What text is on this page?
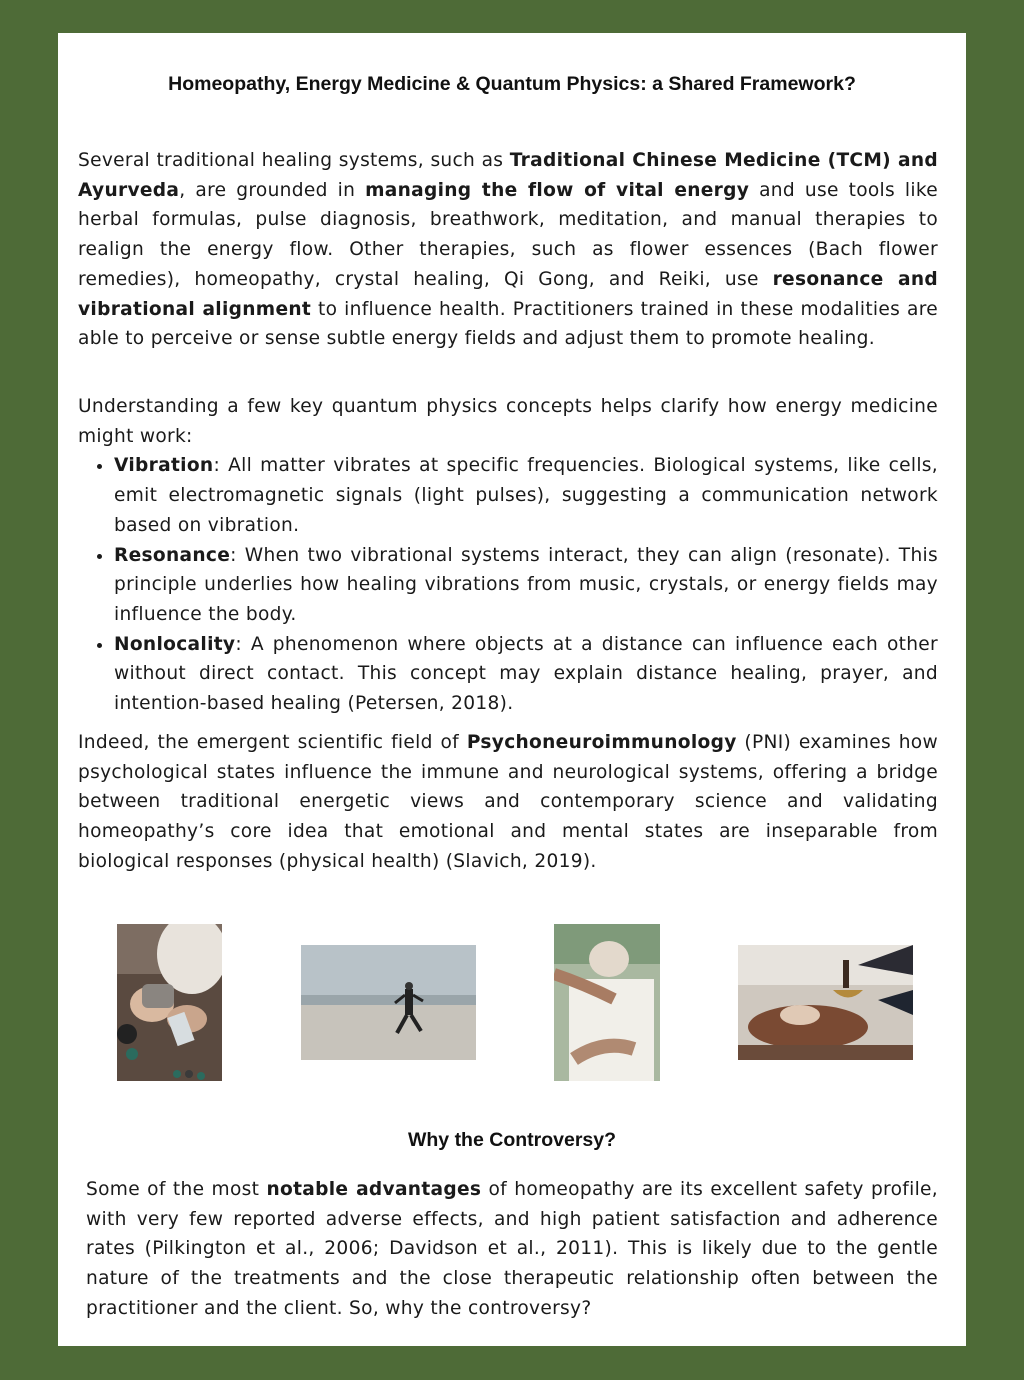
Homeopathy, Energy Medicine & Quantum Physics: a Shared Framework?

Several traditional healing systems, such as Traditional Chinese Medicine (TCM) and Ayurveda, are grounded in managing the flow of vital energy and use tools like herbal formulas, pulse diagnosis, breathwork, meditation, and manual therapies to realign the energy flow. Other therapies, such as flower essences (Bach flower remedies), homeopathy, crystal healing, Qi Gong, and Reiki, use resonance and vibrational alignment to influence health. Practitioners trained in these modalities are able to perceive or sense subtle energy fields and adjust them to promote healing.

Understanding a few key quantum physics concepts helps clarify how energy medicine might work:

• Vibration: All matter vibrates at specific frequencies. Biological systems, like cells, emit electromagnetic signals (light pulses), suggesting a communication network based on vibration.
• Resonance: When two vibrational systems interact, they can align (resonate). This principle underlies how healing vibrations from music, crystals, or energy fields may influence the body.
• Nonlocality: A phenomenon where objects at a distance can influence each other without direct contact. This concept may explain distance healing, prayer, and intention-based healing (Petersen, 2018).

Indeed, the emergent scientific field of Psychoneuroimmunology (PNI) examines how psychological states influence the immune and neurological systems, offering a bridge between traditional energetic views and contemporary science and validating homeopathy’s core idea that emotional and mental states are inseparable from biological responses (physical health) (Slavich, 2019).

Why the Controversy?

Some of the most notable advantages of homeopathy are its excellent safety profile, with very few reported adverse effects, and high patient satisfaction and adherence rates (Pilkington et al., 2006; Davidson et al., 2011). This is likely due to the gentle nature of the treatments and the close therapeutic relationship often between the practitioner and the client. So, why the controversy?
